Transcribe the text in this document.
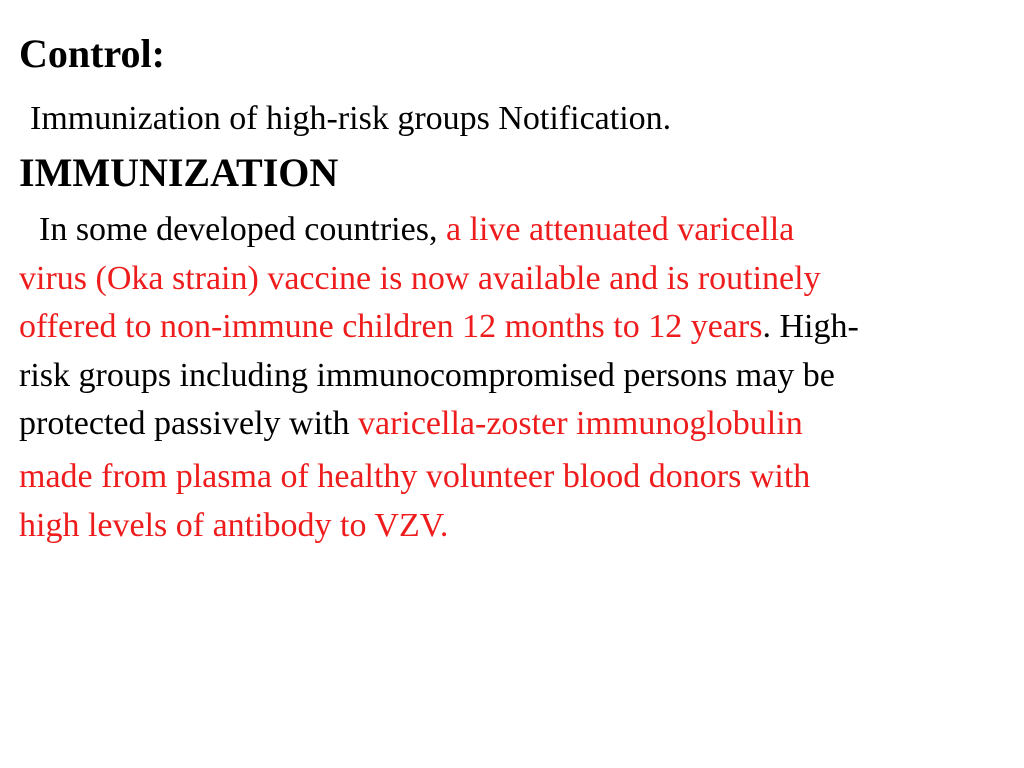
Control:
Immunization of high-risk groups Notification.
IMMUNIZATION
In some developed countries, a live attenuated varicella
virus (Oka strain) vaccine is now available and is routinely
offered to non-immune children 12 months to 12 years. High-
risk groups including immunocompromised persons may be
protected passively with varicella-zoster immunoglobulin
made from plasma of healthy volunteer blood donors with
high levels of antibody to VZV.
